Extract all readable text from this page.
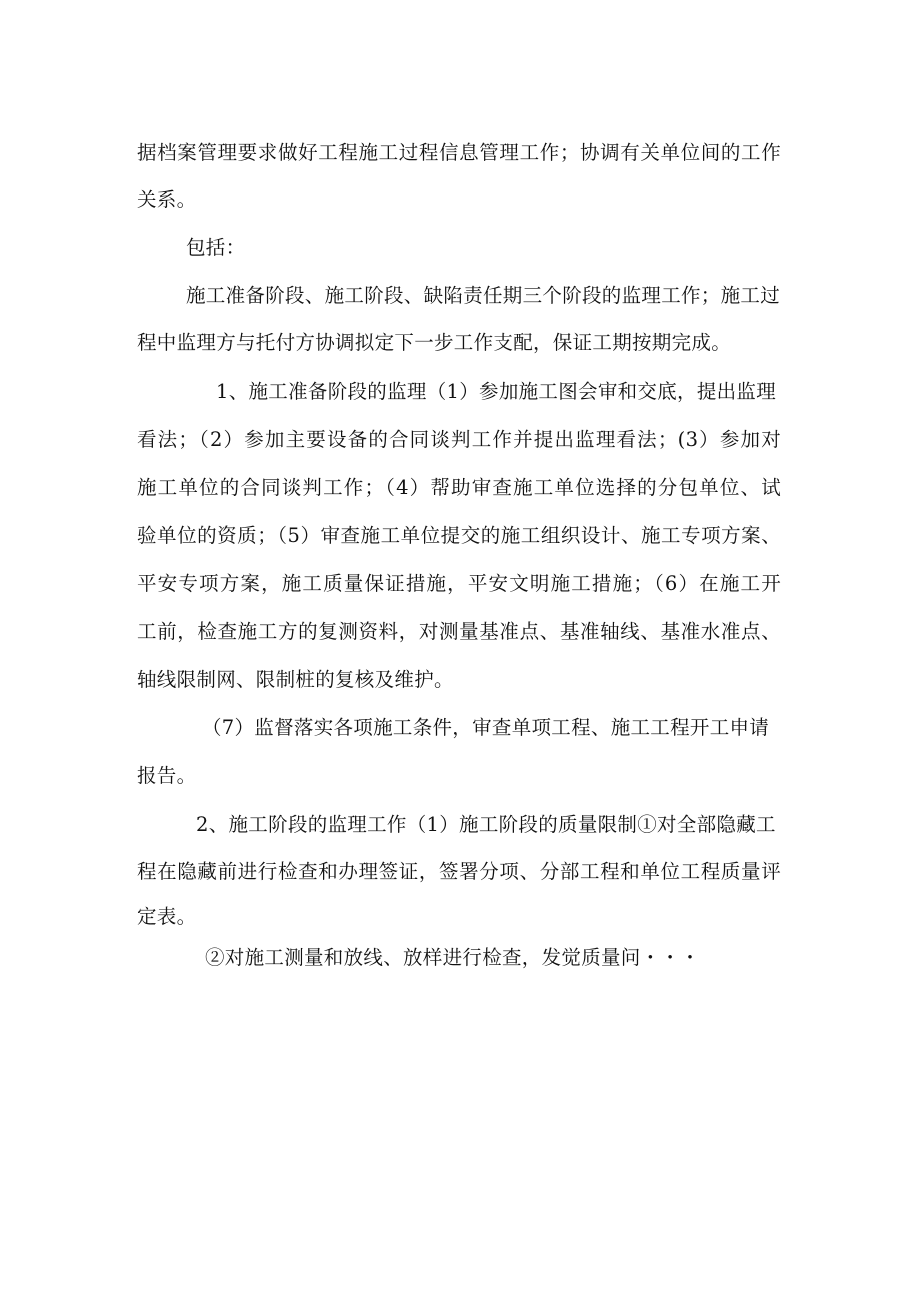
据档案管理要求做好工程施工过程信息管理工作；协调有关单位间的工作
关系。
包括：
施工准备阶段、施工阶段、缺陷责任期三个阶段的监理工作；施工过
程中监理方与托付方协调拟定下一步工作支配，保证工期按期完成。
1、施工准备阶段的监理（1）参加施工图会审和交底，提出监理
看法；（2）参加主要设备的合同谈判工作并提出监理看法；(3）参加对
施工单位的合同谈判工作；（4）帮助审查施工单位选择的分包单位、试
验单位的资质；（5）审查施工单位提交的施工组织设计、施工专项方案、
平安专项方案，施工质量保证措施，平安文明施工措施；（6）在施工开
工前，检查施工方的复测资料，对测量基准点、基准轴线、基准水准点、
轴线限制网、限制桩的复核及维护。
（7）监督落实各项施工条件，审查单项工程、施工工程开工申请
报告。
2、施工阶段的监理工作（1）施工阶段的质量限制①对全部隐藏工
程在隐藏前进行检查和办理签证，签署分项、分部工程和单位工程质量评
定表。
②对施工测量和放线、放样进行检查，发觉质量问・・・
